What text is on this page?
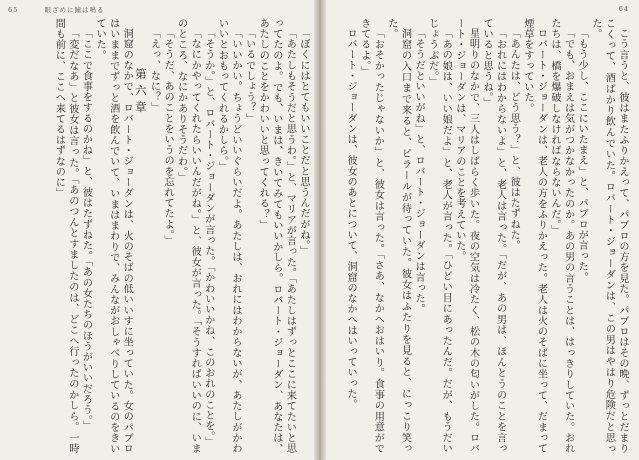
65	眼ざめに鐘は鳴る

「ぼくにはとてもいいことだと思うんだがね。」

「あたしもそうだと思うわ。」と、マリアが言った。「あたしはずっとここに来てたいと思ってたのよ。でも、いまは、きいてみてもいいかしら。ロバート・ジョーダン、あなたは、あたしのことをかわいいと思ってくれる？」

「いるでしょう？」

「いいかい。ちょうどいいぐらいだよ。あたしは、おれにはわからないが、あたしがかわいいとおもってくれるかしら。」

「そうか。」と、ロバート・ジョーダンが言った。「かわいいかね、このおれのことを。」

「なにかやってくれたらいいんだがね。」と、彼女が言った。「そうすればいいのに、いまのところ、なにかありそうだわ。」

「そうだ、あのことをいうのを忘れてたよ。」

「えっ、なに？」

第六章

洞窟のなかで、ロバート・ジョーダンは、火のそばの低いいすに坐っていた。女のパブロはいままでずっと酒を飲んでいて、いまはまわりで、みんながおしゃべりしているのをきいていた。

「ここで食事をするのかね」と、彼はたずねた。「あの女たちのほうがいいだろう。」

「変だなあ」と彼女は言った。「あのつんとすましたのは、どこへ行ったのかしら。一時間も前に、ここへ来てるはずなのに」

64

こう言うと、彼はまたふりかえって、パブロの方を見た。パブロはその晩、ずっとだまりこくって、酒ばかり飲んでいた。ロバート・ジョーダンは、この男はやはり危険だと思った。

「もう少し、ここにいたまえ」と、パブロが言った。

「でも、おまえは気がつかなかったのか。あの男の言うことは、はっきりしていた。おれたちは、橋を爆破しなければならないんだ。」

ロバート・ジョーダンは、老人の方をふりかえった。老人は火のそばに坐って、だまって煙草をすっていた。

「あんたは、どう思う？」と、彼はたずねた。

「おれにはわからないよ」と、老人は言った。「だが、あの男は、ほんとうのことを言っていると思うね。」

星明りのなかで、三人はしばらく歩いた。夜の空気は冷たく、松の木の匂いがした。ロバート・ジョーダンは、マリアのことを考えていた。

「あの娘は、いい娘だよ」と、老人が言った。「ひどい目にあったんだ。だが、もうだいじょうぶだ。」

「そうだといいがね」と、ロバート・ジョーダンは言った。

洞窟の入口まで来ると、ピラールが待っていた。彼女はふたりを見ると、にっこり笑った。

「おそかったじゃないか」と、彼女は言った。「さあ、なかへおはいり。食事の用意ができてるよ。」

ロバート・ジョーダンは、彼女のあとについて、洞窟のなかへはいっていった。
